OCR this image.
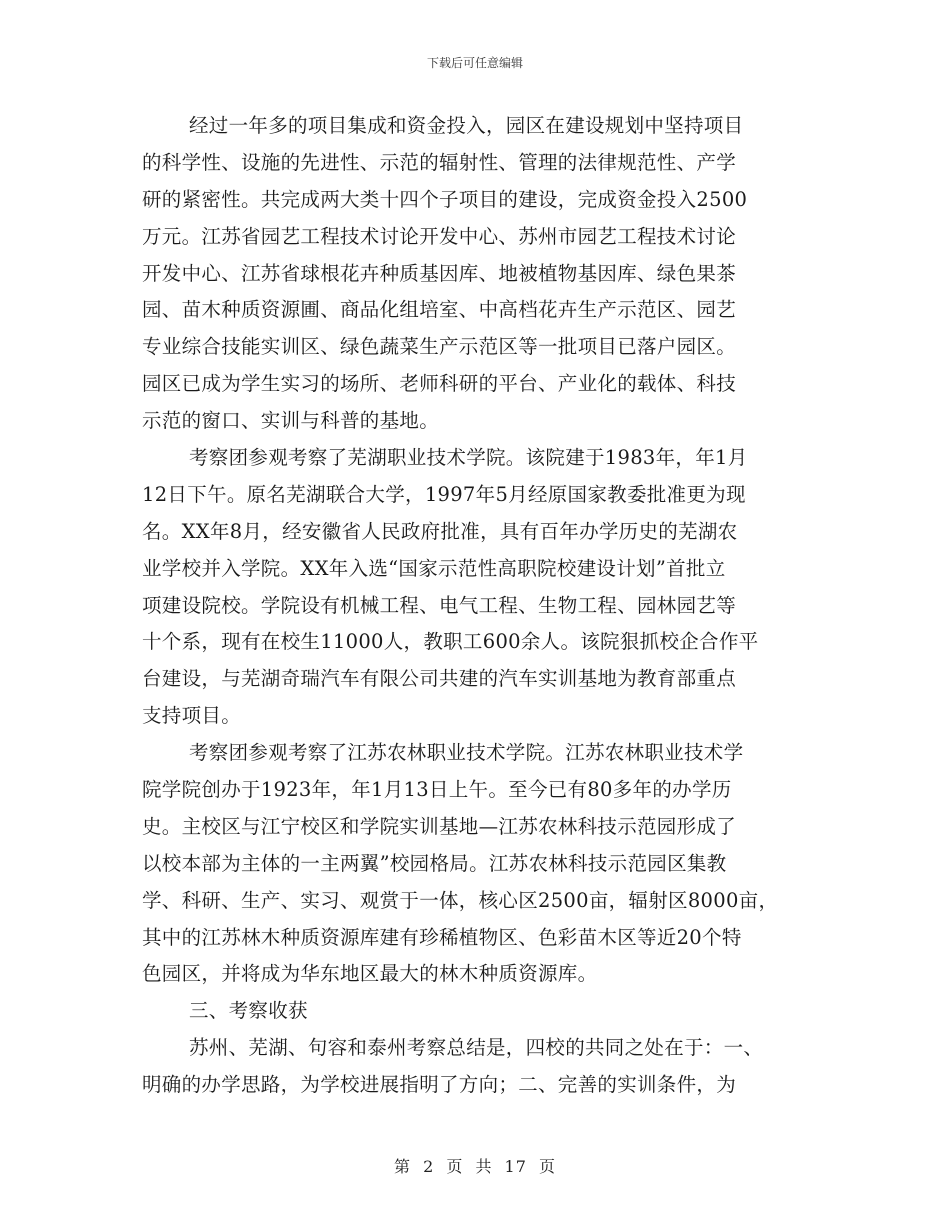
下载后可任意编辑
经过一年多的项目集成和资金投入，园区在建设规划中坚持项目
的科学性、设施的先进性、示范的辐射性、管理的法律规范性、产学
研的紧密性。共完成两大类十四个子项目的建设，完成资金投入2500
万元。江苏省园艺工程技术讨论开发中心、苏州市园艺工程技术讨论
开发中心、江苏省球根花卉种质基因库、地被植物基因库、绿色果茶
园、苗木种质资源圃、商品化组培室、中高档花卉生产示范区、园艺
专业综合技能实训区、绿色蔬菜生产示范区等一批项目已落户园区。
园区已成为学生实习的场所、老师科研的平台、产业化的载体、科技
示范的窗口、实训与科普的基地。
考察团参观考察了芜湖职业技术学院。该院建于1983年，年1月
12日下午。原名芜湖联合大学，1997年5月经原国家教委批准更为现
名。XX年8月，经安徽省人民政府批准，具有百年办学历史的芜湖农
业学校并入学院。XX年入选“国家示范性高职院校建设计划”首批立
项建设院校。学院设有机械工程、电气工程、生物工程、园林园艺等
十个系，现有在校生11000人，教职工600余人。该院狠抓校企合作平
台建设，与芜湖奇瑞汽车有限公司共建的汽车实训基地为教育部重点
支持项目。
考察团参观考察了江苏农林职业技术学院。江苏农林职业技术学
院学院创办于1923年，年1月13日上午。至今已有80多年的办学历
史。主校区与江宁校区和学院实训基地—江苏农林科技示范园形成了
以校本部为主体的一主两翼”校园格局。江苏农林科技示范园区集教
学、科研、生产、实习、观赏于一体，核心区2500亩，辐射区8000亩，
其中的江苏林木种质资源库建有珍稀植物区、色彩苗木区等近20个特
色园区，并将成为华东地区最大的林木种质资源库。
三、考察收获
苏州、芜湖、句容和泰州考察总结是，四校的共同之处在于：一、
明确的办学思路，为学校进展指明了方向；二、完善的实训条件，为
第 2 页 共 17 页
